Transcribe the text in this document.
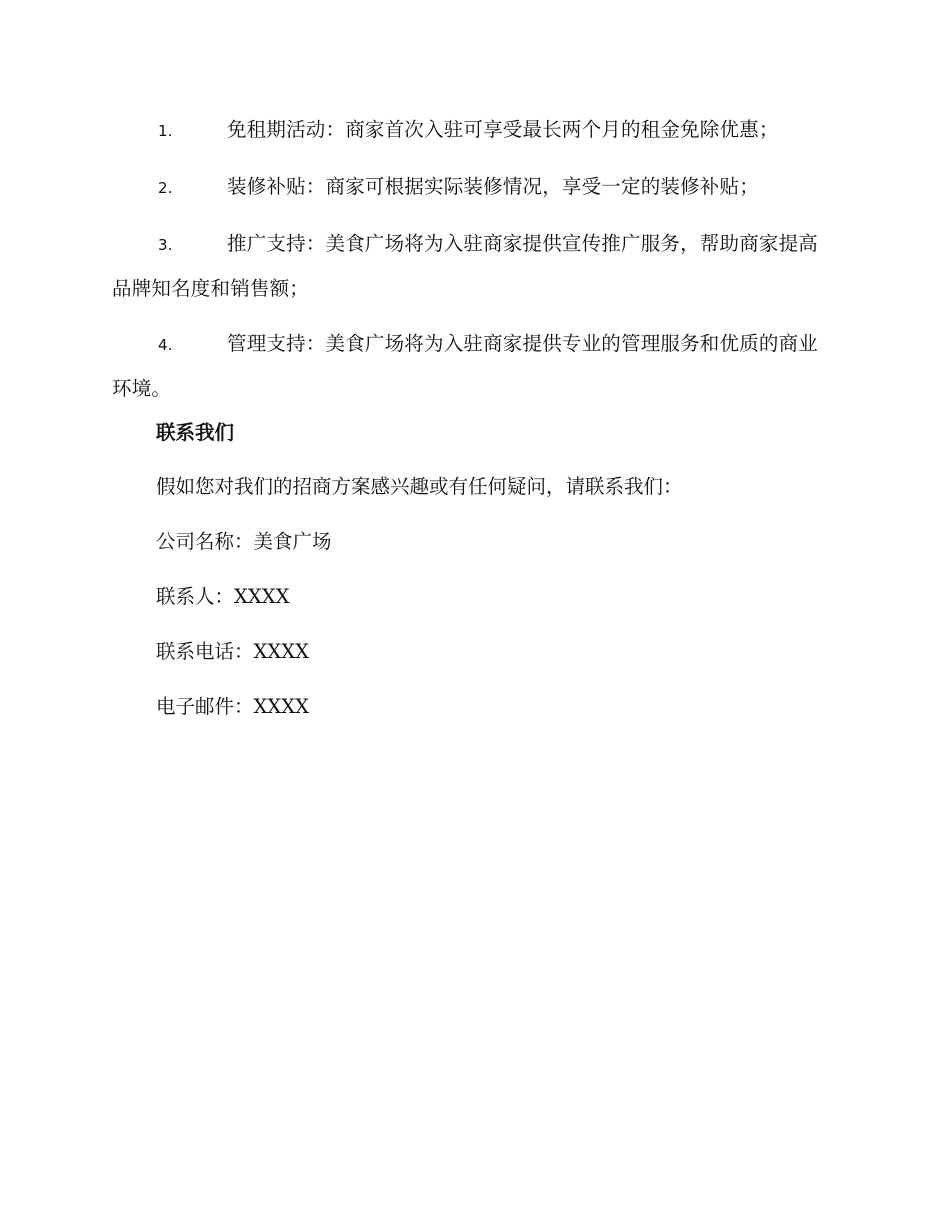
1.	免租期活动：商家首次入驻可享受最长两个月的租金免除优惠；
2.	装修补贴：商家可根据实际装修情况，享受一定的装修补贴；
3.	推广支持：美食广场将为入驻商家提供宣传推广服务，帮助商家提高品牌知名度和销售额；
4.	管理支持：美食广场将为入驻商家提供专业的管理服务和优质的商业环境。
联系我们
假如您对我们的招商方案感兴趣或有任何疑问，请联系我们：
公司名称：美食广场
联系人：XXXX
联系电话：XXXX
电子邮件：XXXX
